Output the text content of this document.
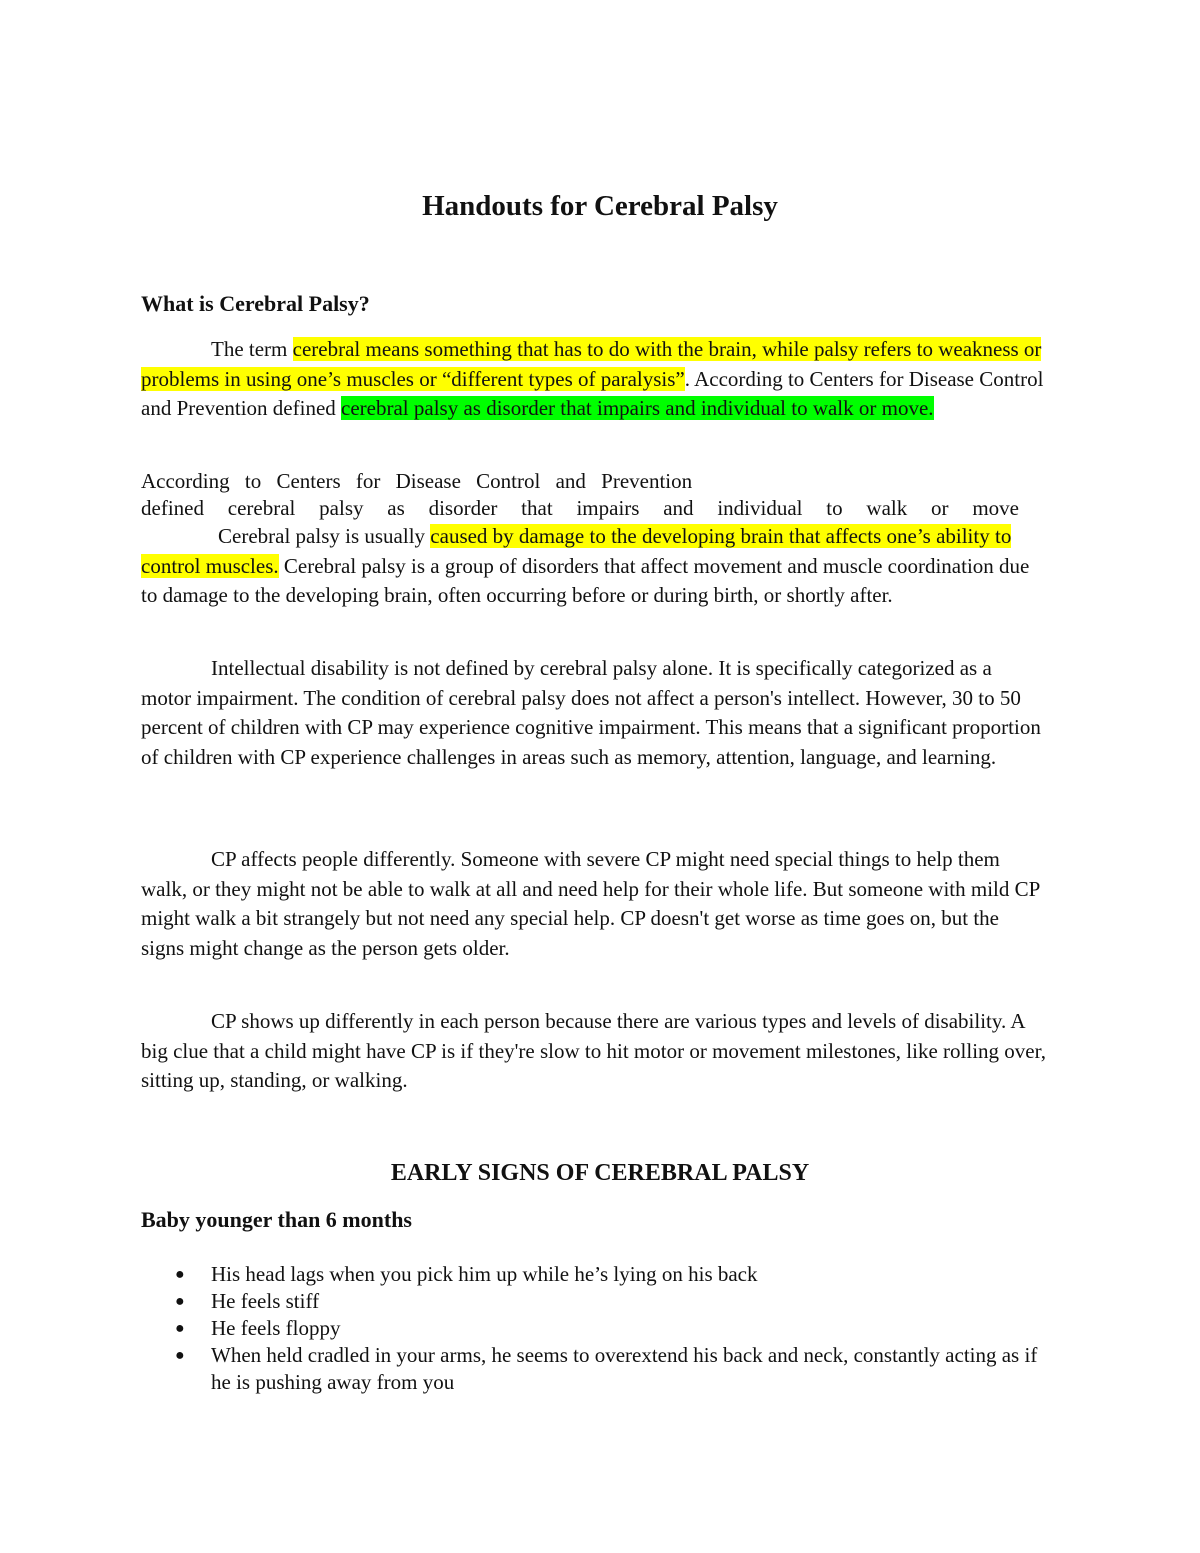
Handouts for Cerebral Palsy
What is Cerebral Palsy?

The term cerebral means something that has to do with the brain, while palsy refers to weakness or problems in using one’s muscles or “different types of paralysis”. According to Centers for Disease Control and Prevention defined cerebral palsy as disorder that impairs and individual to walk or move.

According to Centers for Disease Control and Prevention

defined cerebral palsy as disorder that impairs and individual to walk or move

Cerebral palsy is usually caused by damage to the developing brain that affects one’s ability to control muscles. Cerebral palsy is a group of disorders that affect movement and muscle coordination due to damage to the developing brain, often occurring before or during birth, or shortly after.

Intellectual disability is not defined by cerebral palsy alone. It is specifically categorized as a motor impairment. The condition of cerebral palsy does not affect a person's intellect. However, 30 to 50 percent of children with CP may experience cognitive impairment. This means that a significant proportion of children with CP experience challenges in areas such as memory, attention, language, and learning.

CP affects people differently. Someone with severe CP might need special things to help them walk, or they might not be able to walk at all and need help for their whole life. But someone with mild CP might walk a bit strangely but not need any special help. CP doesn't get worse as time goes on, but the signs might change as the person gets older.

CP shows up differently in each person because there are various types and levels of disability. A big clue that a child might have CP is if they're slow to hit motor or movement milestones, like rolling over, sitting up, standing, or walking.

EARLY SIGNS OF CEREBRAL PALSY
Baby younger than 6 months
● His head lags when you pick him up while he’s lying on his back
● He feels stiff
● He feels floppy
● When held cradled in your arms, he seems to overextend his back and neck, constantly acting as if he is pushing away from you
